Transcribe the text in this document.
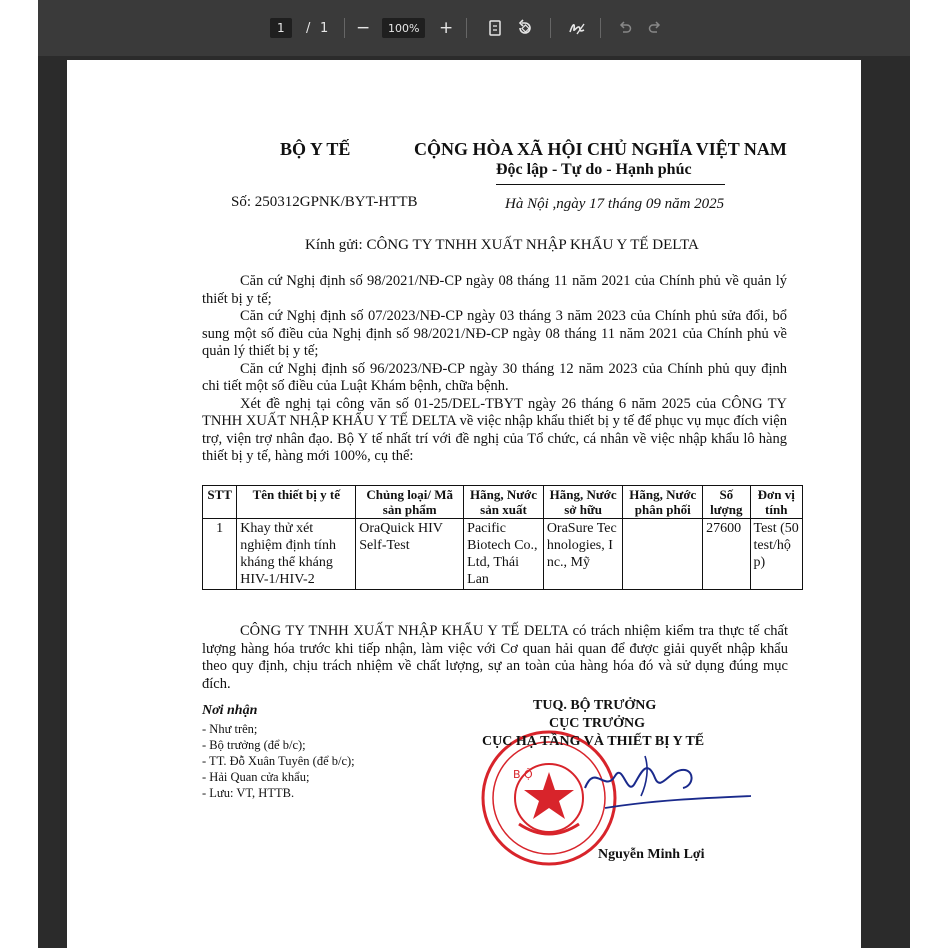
1 / 1 −	100%	+
BỘ Y TẾ	CỘNG HÒA XÃ HỘI CHỦ NGHĨA VIỆT NAM
Độc lập - Tự do - Hạnh phúc
Số: 250312GPNK/BYT-HTTB	Hà Nội ,ngày 17 tháng 09 năm 2025
Kính gửi: CÔNG TY TNHH XUẤT NHẬP KHẨU Y TẾ DELTA

Căn cứ Nghị định số 98/2021/NĐ-CP ngày 08 tháng 11 năm 2021 của Chính phủ về quản lý thiết bị y tế;

Căn cứ Nghị định số 07/2023/NĐ-CP ngày 03 tháng 3 năm 2023 của Chính phủ sửa đổi, bổ sung một số điều của Nghị định số 98/2021/NĐ-CP ngày 08 tháng 11 năm 2021 của Chính phủ về quản lý thiết bị y tế;

Căn cứ Nghị định số 96/2023/NĐ-CP ngày 30 tháng 12 năm 2023 của Chính phủ quy định chi tiết một số điều của Luật Khám bệnh, chữa bệnh.

Xét đề nghị tại công văn số 01-25/DEL-TBYT ngày 26 tháng 6 năm 2025 của CÔNG TY TNHH XUẤT NHẬP KHẨU Y TẾ DELTA về việc nhập khẩu thiết bị y tế để phục vụ mục đích viện trợ, viện trợ nhân đạo. Bộ Y tế nhất trí với đề nghị của Tổ chức, cá nhân về việc nhập khẩu lô hàng thiết bị y tế, hàng mới 100%, cụ thể:

STT	Tên thiết bị y tế	Chủng loại/ Mã sản phẩm	Hãng, Nước sản xuất	Hãng, Nước sở hữu	Hãng, Nước phân phối	Số lượng	Đơn vị tính
1	Khay thử xét nghiệm định tính kháng thể kháng HIV-1/HIV-2	OraQuick HIV Self-Test	Pacific Biotech Co., Ltd, Thái Lan	OraSure Technologies, Inc., Mỹ		27600	Test (50 test/hộp)

CÔNG TY TNHH XUẤT NHẬP KHẨU Y TẾ DELTA có trách nhiệm kiểm tra thực tế chất lượng hàng hóa trước khi tiếp nhận, làm việc với Cơ quan hải quan để được giải quyết nhập khẩu theo quy định, chịu trách nhiệm về chất lượng, sự an toàn của hàng hóa đó và sử dụng đúng mục đích.

Nơi nhận
- Như trên;
- Bộ trưởng (để b/c);
- TT. Đỗ Xuân Tuyên (để b/c);
- Hải Quan cửa khẩu;
- Lưu: VT, HTTB.
B Ộ
TUQ. BỘ TRƯỞNG
CỤC TRƯỞNG
CỤC HẠ TẦNG VÀ THIẾT BỊ Y TẾ
Nguyễn Minh Lợi
